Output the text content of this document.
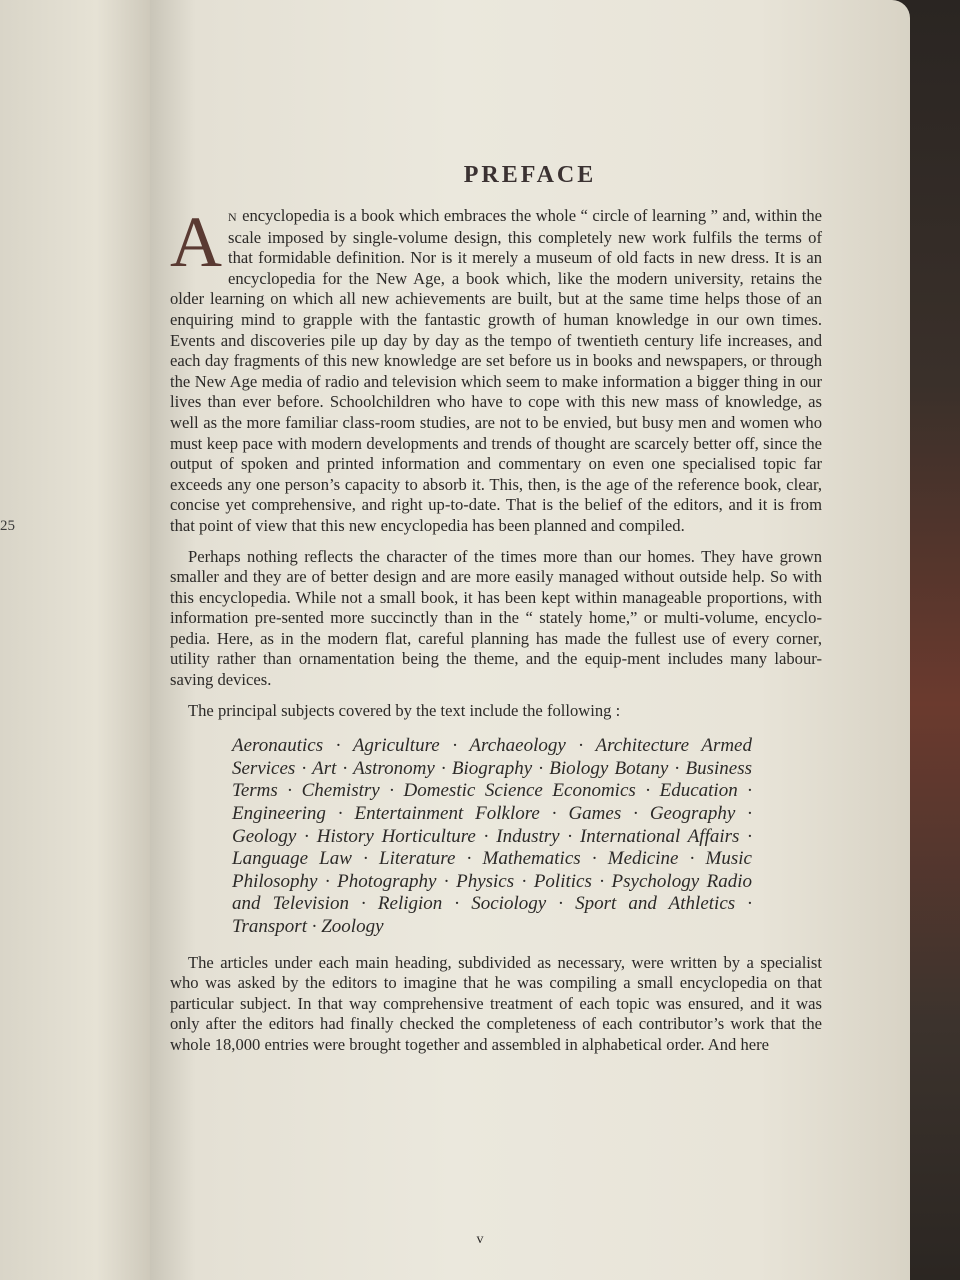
25
PREFACE

A N encyclopedia is a book which embraces the whole “ circle of learning ” and, within the scale imposed by single-volume design, this completely new work fulfils the terms of that formidable definition. Nor is it merely a museum of old facts in new dress. It is an encyclopedia for the New Age, a book which, like the modern university, retains the older learning on which all new achievements are built, but at the same time helps those of an enquiring mind to grapple with the fantastic growth of human knowledge in our own times. Events and discoveries pile up day by day as the tempo of twentieth century life increases, and each day fragments of this new knowledge are set before us in books and newspapers, or through the New Age media of radio and television which seem to make information a bigger thing in our lives than ever before. Schoolchildren who have to cope with this new mass of knowledge, as well as the more familiar class-room studies, are not to be envied, but busy men and women who must keep pace with modern developments and trends of thought are scarcely better off, since the output of spoken and printed information and commentary on even one specialised topic far exceeds any one person’s capacity to absorb it. This, then, is the age of the reference book, clear, concise yet comprehensive, and right up-to-date. That is the belief of the editors, and it is from that point of view that this new encyclopedia has been planned and compiled.

Perhaps nothing reflects the character of the times more than our homes. They have grown smaller and they are of better design and are more easily managed without outside help. So with this encyclopedia. While not a small book, it has been kept within manageable proportions, with information pre-sented more succinctly than in the “ stately home,” or multi-volume, encyclo-pedia. Here, as in the modern flat, careful planning has made the fullest use of every corner, utility rather than ornamentation being the theme, and the equip-ment includes many labour-saving devices.

The principal subjects covered by the text include the following :

Aeronautics · Agriculture · Archaeology · Architecture Armed Services · Art · Astronomy · Biography · Biology Botany · Business Terms · Chemistry · Domestic Science Economics · Education · Engineering · Entertainment Folklore · Games · Geography · Geology · History Horticulture · Industry · International Affairs · Language Law · Literature · Mathematics · Medicine · Music Philosophy · Photography · Physics · Politics · Psychology Radio and Television · Religion · Sociology · Sport and Athletics · Transport · Zoology

The articles under each main heading, subdivided as necessary, were written by a specialist who was asked by the editors to imagine that he was compiling a small encyclopedia on that particular subject. In that way comprehensive treatment of each topic was ensured, and it was only after the editors had finally checked the completeness of each contributor’s work that the whole 18,000 entries were brought together and assembled in alphabetical order. And here

v
